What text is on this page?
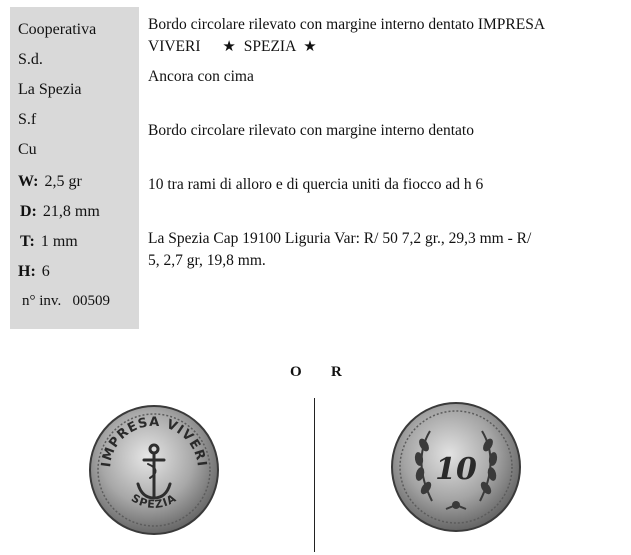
Cooperativa
S.d.
La Spezia
S.f
Cu
W: 2,5 gr
D: 21,8 mm
T: 1 mm
H: 6
n° inv.   00509
Bordo circolare rilevato con margine interno dentato IMPRESA
VIVERI ★ SPEZIA ★
Ancora con cima
Bordo circolare rilevato con margine interno dentato
10 tra rami di alloro e di quercia uniti da fiocco ad h 6
La Spezia Cap 19100 Liguria Var: R/ 50 7,2 gr., 29,3 mm - R/
5, 2,7 gr, 19,8 mm.
O R
IMPRESA VIVERI
SPEZIA
10
